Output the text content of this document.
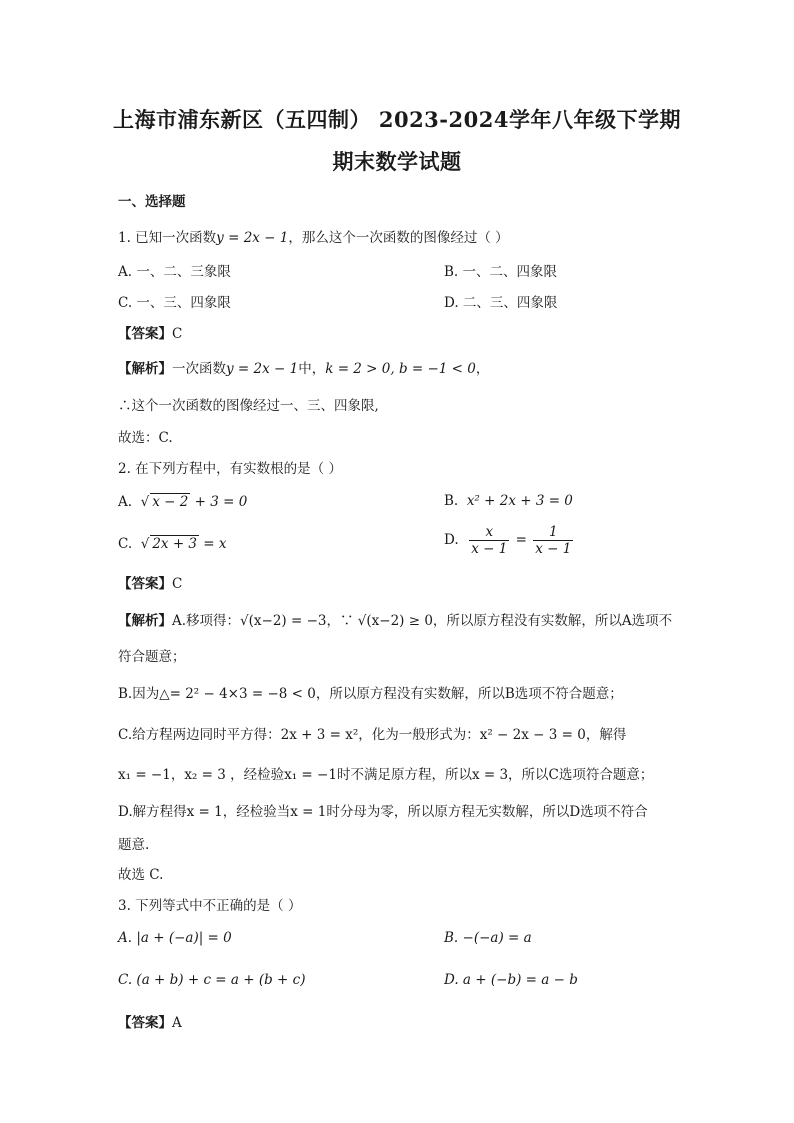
上海市浦东新区（五四制） 2023-2024学年八年级下学期
期末数学试题
一、选择题
1. 已知一次函数y = 2x − 1，那么这个一次函数的图像经过（ ）
A. 一、二、三象限	B. 一、二、四象限
C. 一、三、四象限	D. 二、三、四象限
【答案】C
【解析】一次函数y = 2x − 1中，k = 2 > 0, b = −1 < 0，
∴这个一次函数的图像经过一、三、四象限,
故选：C.
2. 在下列方程中，有实数根的是（ ）
A.  √ x − 2 + 3 = 0	B. x² + 2x + 3 = 0
C.  √ 2x + 3 = x	D. $\frac{x}{x - 1} = \frac{1}{x - 1}$
【答案】C
【解析】A.移项得：√(x−2) = −3，∵ √(x−2) ≥ 0，所以原方程没有实数解，所以A选项不
符合题意；
B.因为△= 2² − 4×3 = −8 < 0，所以原方程没有实数解，所以B选项不符合题意；
C.给方程两边同时平方得：2x + 3 = x²，化为一般形式为：x² − 2x − 3 = 0，解得
x₁ = −1，x₂ = 3 ，经检验x₁ = −1时不满足原方程，所以x = 3，所以C选项符合题意；
D.解方程得x = 1，经检验当x = 1时分母为零，所以原方程无实数解，所以D选项不符合
题意.
故选 C.
3. 下列等式中不正确的是（ ）
A. |a + (−a)| = 0	B. −(−a) = a
C. (a + b) + c = a + (b + c)	D. a + (−b) = a − b
【答案】A
